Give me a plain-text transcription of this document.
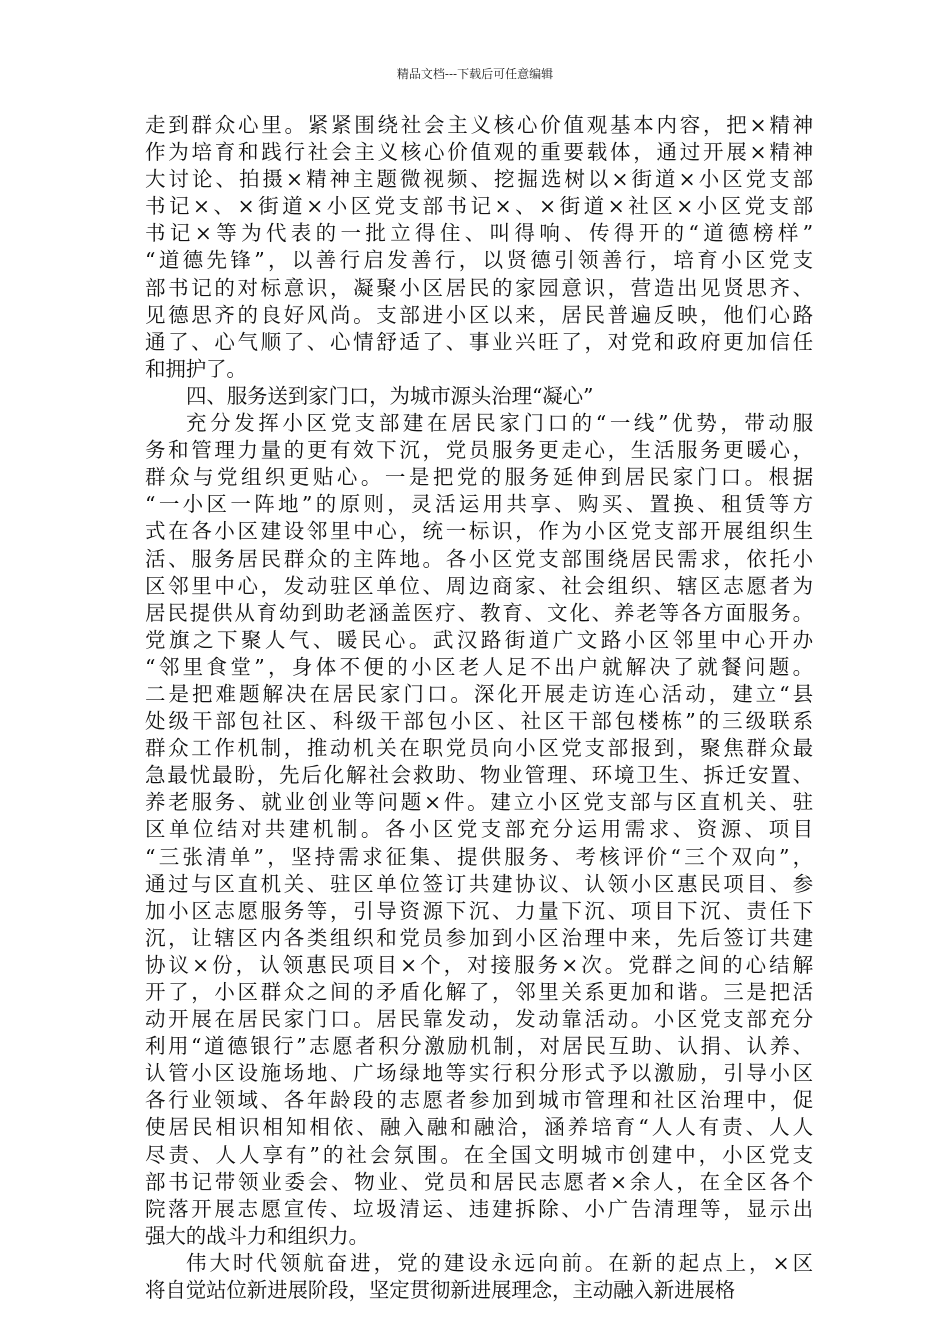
精品文档---下载后可任意编辑
走到群众心里。紧紧围绕社会主义核心价值观基本内容，把×精神
作为培育和践行社会主义核心价值观的重要载体，通过开展×精神
大讨论、拍摄×精神主题微视频、挖掘选树以×街道×小区党支部
书记×、×街道×小区党支部书记×、×街道×社区×小区党支部
书记×等为代表的一批立得住、叫得响、传得开的“道德榜样”
“道德先锋”，以善行启发善行，以贤德引领善行，培育小区党支
部书记的对标意识，凝聚小区居民的家园意识，营造出见贤思齐、
见德思齐的良好风尚。支部进小区以来，居民普遍反映，他们心路
通了、心气顺了、心情舒适了、事业兴旺了，对党和政府更加信任
和拥护了。
四、服务送到家门口，为城市源头治理“凝心”
充分发挥小区党支部建在居民家门口的“一线”优势，带动服
务和管理力量的更有效下沉，党员服务更走心，生活服务更暖心，
群众与党组织更贴心。一是把党的服务延伸到居民家门口。根据
“一小区一阵地”的原则，灵活运用共享、购买、置换、租赁等方
式在各小区建设邻里中心，统一标识，作为小区党支部开展组织生
活、服务居民群众的主阵地。各小区党支部围绕居民需求，依托小
区邻里中心，发动驻区单位、周边商家、社会组织、辖区志愿者为
居民提供从育幼到助老涵盖医疗、教育、文化、养老等各方面服务。
党旗之下聚人气、暖民心。武汉路街道广文路小区邻里中心开办
“邻里食堂”，身体不便的小区老人足不出户就解决了就餐问题。
二是把难题解决在居民家门口。深化开展走访连心活动，建立“县
处级干部包社区、科级干部包小区、社区干部包楼栋”的三级联系
群众工作机制，推动机关在职党员向小区党支部报到，聚焦群众最
急最忧最盼，先后化解社会救助、物业管理、环境卫生、拆迁安置、
养老服务、就业创业等问题×件。建立小区党支部与区直机关、驻
区单位结对共建机制。各小区党支部充分运用需求、资源、项目
“三张清单”，坚持需求征集、提供服务、考核评价“三个双向”，
通过与区直机关、驻区单位签订共建协议、认领小区惠民项目、参
加小区志愿服务等，引导资源下沉、力量下沉、项目下沉、责任下
沉，让辖区内各类组织和党员参加到小区治理中来，先后签订共建
协议×份，认领惠民项目×个，对接服务×次。党群之间的心结解
开了，小区群众之间的矛盾化解了，邻里关系更加和谐。三是把活
动开展在居民家门口。居民靠发动，发动靠活动。小区党支部充分
利用“道德银行”志愿者积分激励机制，对居民互助、认捐、认养、
认管小区设施场地、广场绿地等实行积分形式予以激励，引导小区
各行业领域、各年龄段的志愿者参加到城市管理和社区治理中，促
使居民相识相知相依、融入融和融洽，涵养培育“人人有责、人人
尽责、人人享有”的社会氛围。在全国文明城市创建中，小区党支
部书记带领业委会、物业、党员和居民志愿者×余人，在全区各个
院落开展志愿宣传、垃圾清运、违建拆除、小广告清理等，显示出
强大的战斗力和组织力。
伟大时代领航奋进，党的建设永远向前。在新的起点上，×区
将自觉站位新进展阶段，坚定贯彻新进展理念，主动融入新进展格
